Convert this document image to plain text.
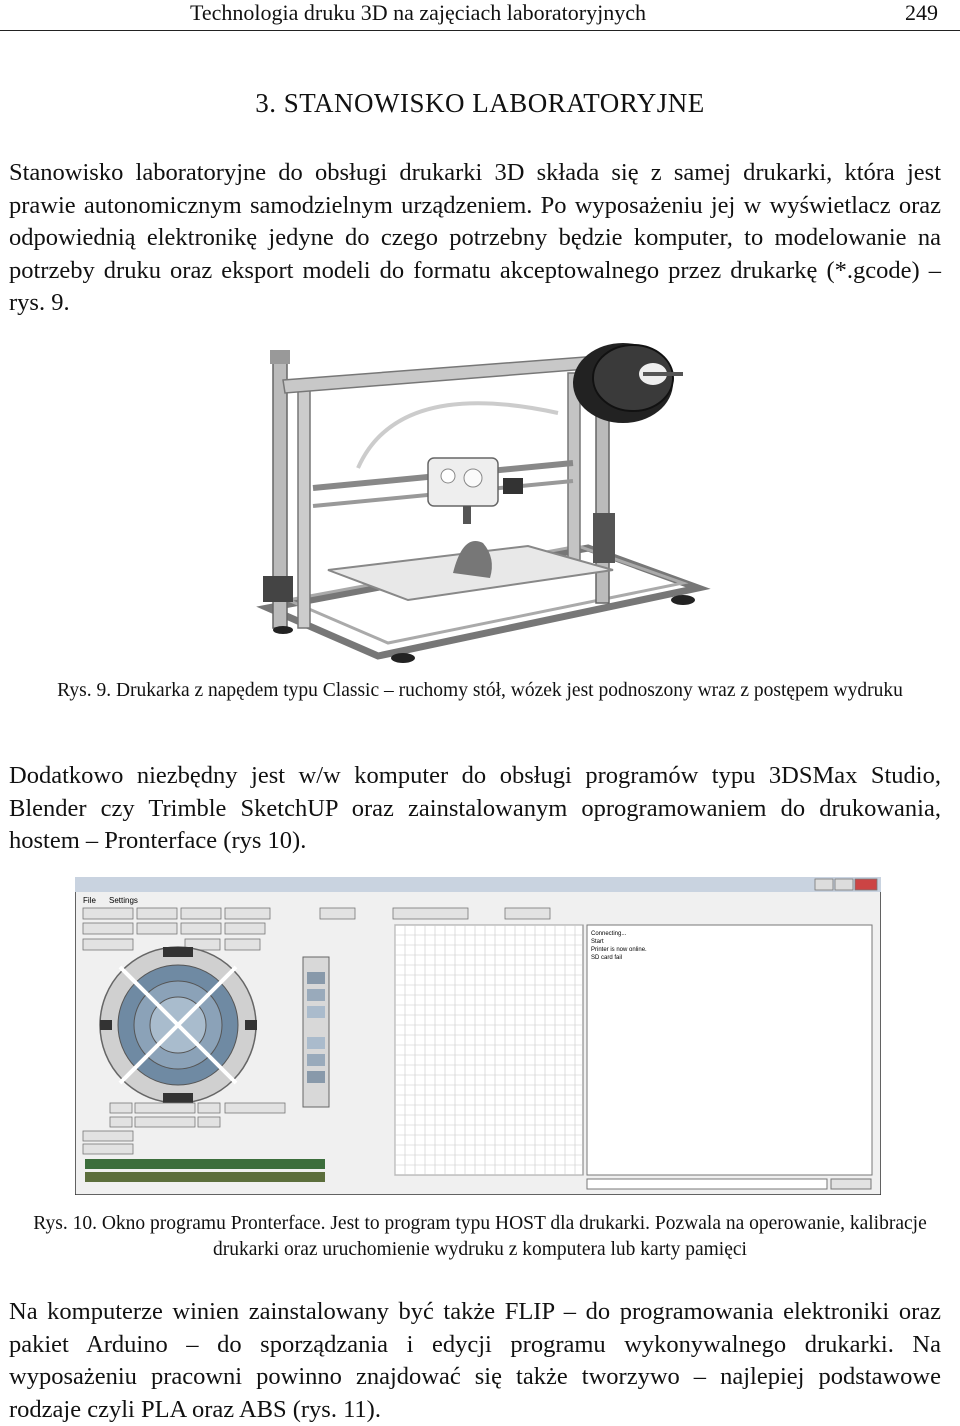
Technologia druku 3D na zajęciach laboratoryjnych	249
3. STANOWISKO LABORATORYJNE
Stanowisko laboratoryjne do obsługi drukarki 3D składa się z samej drukarki, która jest prawie autonomicznym samodzielnym urządzeniem. Po wyposażeniu jej w wyświetlacz oraz odpowiednią elektronikę jedyne do czego potrzebny będzie komputer, to modelowanie na potrzeby druku oraz eksport modeli do formatu akceptowalnego przez drukarkę (*.gcode) – rys. 9.
Rys. 9. Drukarka z napędem typu Classic – ruchomy stół, wózek jest podnoszony wraz z postępem wydruku
Dodatkowo niezbędny jest w/w komputer do obsługi programów typu 3DSMax Studio, Blender czy Trimble SketchUP oraz zainstalowanym oprogramowaniem do drukowania, hostem – Pronterface (rys 10).
File Settings
Connecting...
Start
Printer is now online.
SD card fail
Rys. 10. Okno programu Pronterface. Jest to program typu HOST dla drukarki. Pozwala na operowanie, kalibracje drukarki oraz uruchomienie wydruku z komputera lub karty pamięci
Na komputerze winien zainstalowany być także FLIP – do programowania elektroniki oraz pakiet Arduino – do sporządzania i edycji programu wykonywalnego drukarki. Na wyposażeniu pracowni powinno znajdować się także tworzywo – najlepiej podstawowe rodzaje czyli PLA oraz ABS (rys. 11).
